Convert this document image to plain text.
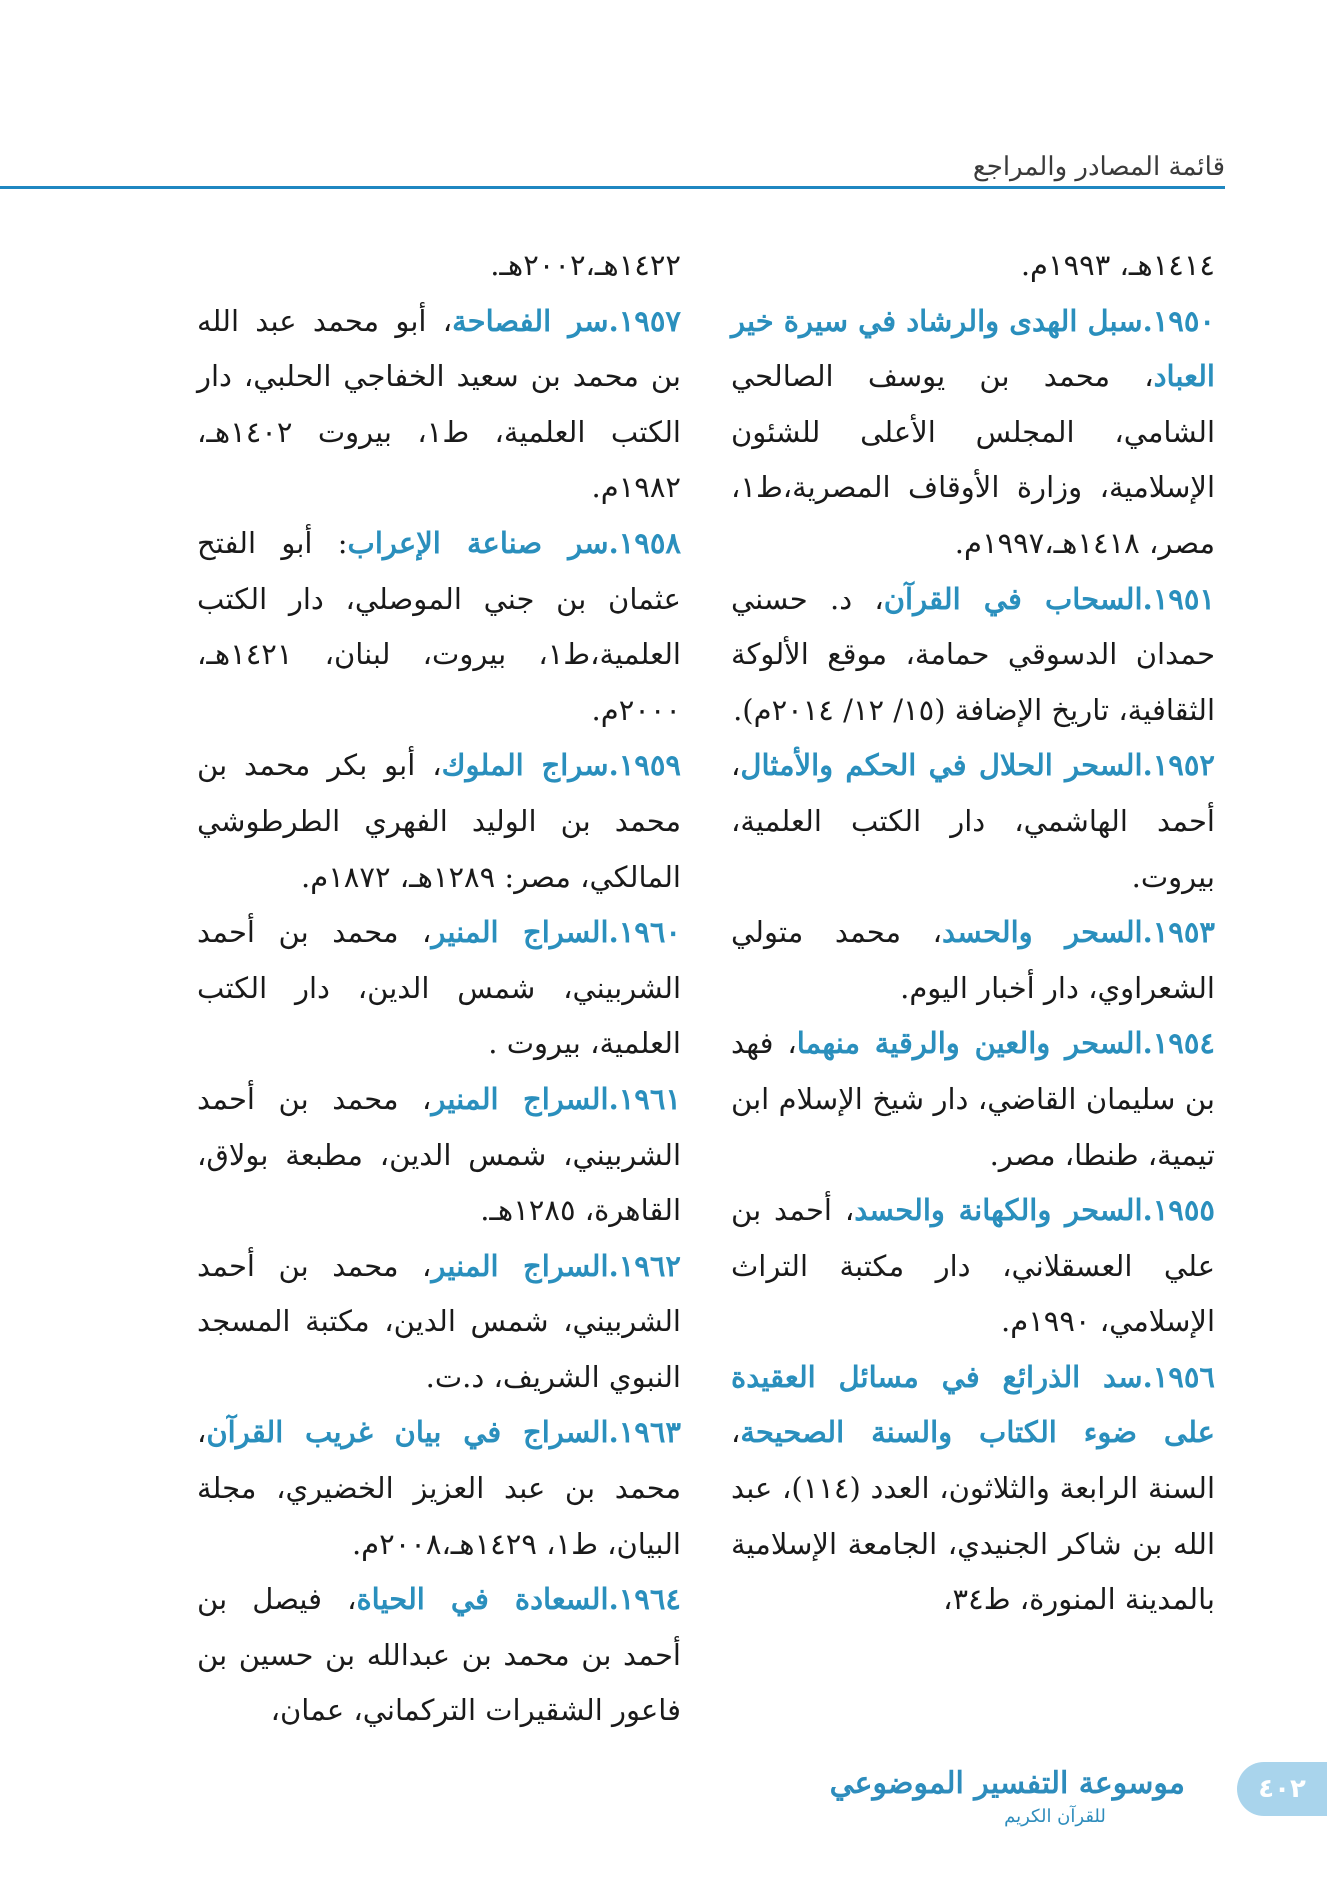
قائمة المصادر والمراجع
١٤١٤هـ، ١٩٩٣م.
١٩٥٠.سبل الهدى والرشاد في سيرة خير العباد، محمد بن يوسف الصالحي الشامي، المجلس الأعلى للشئون الإسلامية، وزارة الأوقاف المصرية،ط١، مصر، ١٤١٨هـ،١٩٩٧م.
١٩٥١.السحاب في القرآن، د. حسني حمدان الدسوقي حمامة، موقع الألوكة الثقافية، تاريخ الإضافة (١٥/ ١٢/ ٢٠١٤م).
١٩٥٢.السحر الحلال في الحكم والأمثال، أحمد الهاشمي، دار الكتب العلمية، بيروت.
١٩٥٣.السحر والحسد، محمد متولي الشعراوي، دار أخبار اليوم.
١٩٥٤.السحر والعين والرقية منهما، فهد بن سليمان القاضي، دار شيخ الإسلام ابن تيمية، طنطا، مصر.
١٩٥٥.السحر والكهانة والحسد، أحمد بن علي العسقلاني، دار مكتبة التراث الإسلامي، ١٩٩٠م.
١٩٥٦.سد الذرائع في مسائل العقيدة على ضوء الكتاب والسنة الصحيحة، السنة الرابعة والثلاثون، العدد (١١٤)، عبد الله بن شاكر الجنيدي، الجامعة الإسلامية بالمدينة المنورة، ط٣٤،
١٤٢٢هـ،٢٠٠٢هـ.
١٩٥٧.سر الفصاحة، أبو محمد عبد الله بن محمد بن سعيد الخفاجي الحلبي، دار الكتب العلمية، ط١، بيروت ١٤٠٢هـ، ١٩٨٢م.
١٩٥٨.سر صناعة الإعراب: أبو الفتح عثمان بن جني الموصلي، دار الكتب العلمية،ط١، بيروت، لبنان، ١٤٢١هـ، ٢٠٠٠م.
١٩٥٩.سراج الملوك، أبو بكر محمد بن محمد بن الوليد الفهري الطرطوشي المالكي، مصر: ١٢٨٩هـ، ١٨٧٢م.
١٩٦٠.السراج المنير، محمد بن أحمد الشربيني، شمس الدين، دار الكتب العلمية، بيروت .
١٩٦١.السراج المنير، محمد بن أحمد الشربيني، شمس الدين، مطبعة بولاق، القاهرة، ١٢٨٥هـ.
١٩٦٢.السراج المنير، محمد بن أحمد الشربيني، شمس الدين، مكتبة المسجد النبوي الشريف، د.ت.
١٩٦٣.السراج في بيان غريب القرآن، محمد بن عبد العزيز الخضيري، مجلة البيان، ط١، ١٤٢٩هـ،٢٠٠٨م.
١٩٦٤.السعادة في الحياة، فيصل بن أحمد بن محمد بن عبدالله بن حسين بن فاعور الشقيرات التركماني، عمان،
٤٠٢
موسوعة التفسير الموضوعي
للقرآن الكريم
